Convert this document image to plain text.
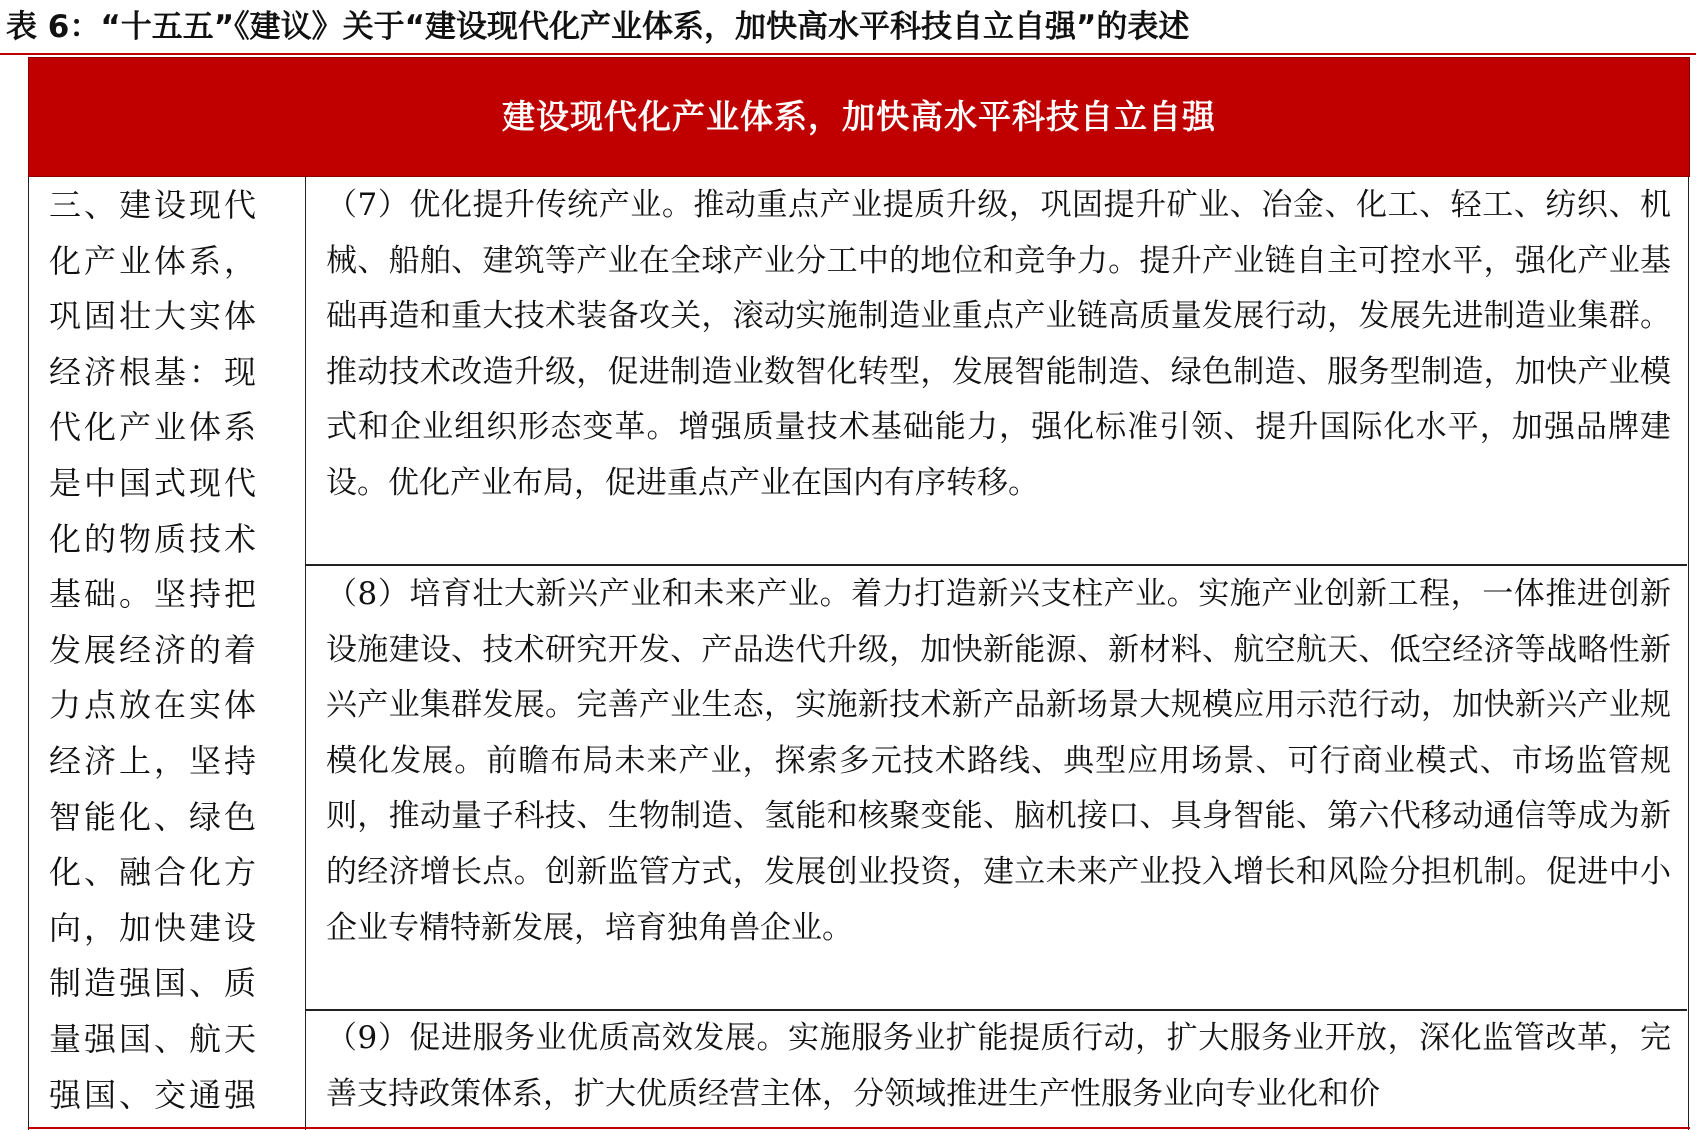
表 6：“十五五”《建议》关于“建设现代化产业体系，加快高水平科技自立自强”的表述
建设现代化产业体系，加快高水平科技自立自强
三、建设现代化产业体系，巩固壮大实体经济根基：现代化产业体系是中国式现代化的物质技术基础。坚持把发展经济的着力点放在实体经济上，坚持智能化、绿色化、融合化方向，加快建设制造强国、质量强国、航天强国、交通强
（7）优化提升传统产业。推动重点产业提质升级，巩固提升矿业、冶金、化工、轻工、纺织、机械、船舶、建筑等产业在全球产业分工中的地位和竞争力。提升产业链自主可控水平，强化产业基础再造和重大技术装备攻关，滚动实施制造业重点产业链高质量发展行动，发展先进制造业集群。推动技术改造升级，促进制造业数智化转型，发展智能制造、绿色制造、服务型制造，加快产业模式和企业组织形态变革。增强质量技术基础能力，强化标准引领、提升国际化水平，加强品牌建设。优化产业布局，促进重点产业在国内有序转移。
（8）培育壮大新兴产业和未来产业。着力打造新兴支柱产业。实施产业创新工程，一体推进创新设施建设、技术研究开发、产品迭代升级，加快新能源、新材料、航空航天、低空经济等战略性新兴产业集群发展。完善产业生态，实施新技术新产品新场景大规模应用示范行动，加快新兴产业规模化发展。前瞻布局未来产业，探索多元技术路线、典型应用场景、可行商业模式、市场监管规则，推动量子科技、生物制造、氢能和核聚变能、脑机接口、具身智能、第六代移动通信等成为新的经济增长点。创新监管方式，发展创业投资，建立未来产业投入增长和风险分担机制。促进中小企业专精特新发展，培育独角兽企业。
（9）促进服务业优质高效发展。实施服务业扩能提质行动，扩大服务业开放，深化监管改革，完善支持政策体系，扩大优质经营主体，分领域推进生产性服务业向专业化和价
